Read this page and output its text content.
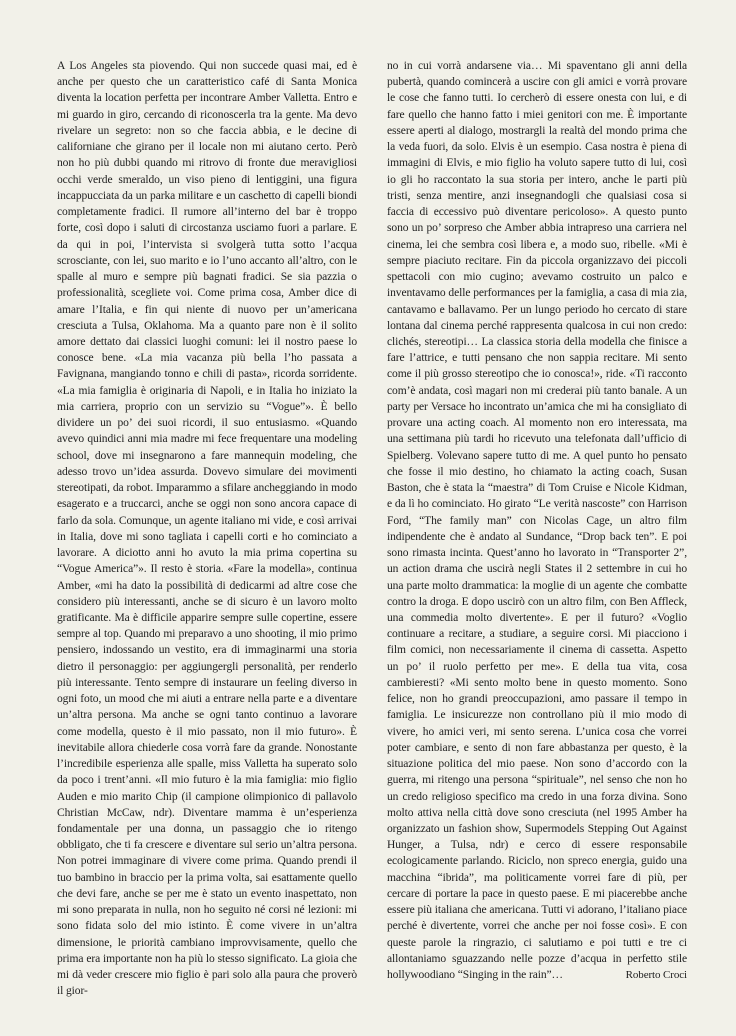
A Los Angeles sta piovendo. Qui non succede quasi mai, ed è anche per questo che un caratteristico café di Santa Monica diventa la location perfetta per incontrare Amber Valletta. Entro e mi guardo in giro, cercando di riconoscerla tra la gente. Ma devo rivelare un segreto: non so che faccia abbia, e le decine di californiane che girano per il locale non mi aiutano certo. Però non ho più dubbi quando mi ritrovo di fronte due meravigliosi occhi verde smeraldo, un viso pieno di lentiggini, una figura incappucciata da un parka militare e un caschetto di capelli biondi completamente fradici. Il rumore all’interno del bar è troppo forte, così dopo i saluti di circostanza usciamo fuori a parlare. E da qui in poi, l’intervista si svolgerà tutta sotto l’acqua scrosciante, con lei, suo marito e io l’uno accanto all’altro, con le spalle al muro e sempre più bagnati fradici. Se sia pazzia o professionalità, scegliete voi. Come prima cosa, Amber dice di amare l’Italia, e fin qui niente di nuovo per un’americana cresciuta a Tulsa, Oklahoma. Ma a quanto pare non è il solito amore dettato dai classici luoghi comuni: lei il nostro paese lo conosce bene. «La mia vacanza più bella l’ho passata a Favignana, mangiando tonno e chili di pasta», ricorda sorridente. «La mia famiglia è originaria di Napoli, e in Italia ho iniziato la mia carriera, proprio con un servizio su “Vogue”». È bello dividere un po’ dei suoi ricordi, il suo entusiasmo. «Quando avevo quindici anni mia madre mi fece frequentare una modeling school, dove mi insegnarono a fare mannequin modeling, che adesso trovo un’idea assurda. Dovevo simulare dei movimenti stereotipati, da robot. Imparammo a sfilare ancheggiando in modo esagerato e a truccarci, anche se oggi non sono ancora capace di farlo da sola. Comunque, un agente italiano mi vide, e così arrivai in Italia, dove mi sono tagliata i capelli corti e ho cominciato a lavorare. A diciotto anni ho avuto la mia prima copertina su “Vogue America”». Il resto è storia. «Fare la modella», continua Amber, «mi ha dato la possibilità di dedicarmi ad altre cose che considero più interessanti, anche se di sicuro è un lavoro molto gratificante. Ma è difficile apparire sempre sulle copertine, essere sempre al top. Quando mi preparavo a uno shooting, il mio primo pensiero, indossando un vestito, era di immaginarmi una storia dietro il personaggio: per aggiungergli personalità, per renderlo più interessante. Tento sempre di instaurare un feeling diverso in ogni foto, un mood che mi aiuti a entrare nella parte e a diventare un’altra persona. Ma anche se ogni tanto continuo a lavorare come modella, questo è il mio passato, non il mio futuro». È inevitabile allora chiederle cosa vorrà fare da grande. Nonostante l’incredibile esperienza alle spalle, miss Valletta ha superato solo da poco i trent’anni. «Il mio futuro è la mia famiglia: mio figlio Auden e mio marito Chip (il campione olimpionico di pallavolo Christian McCaw, ndr). Diventare mamma è un’esperienza fondamentale per una donna, un passaggio che io ritengo obbligato, che ti fa crescere e diventare sul serio un’altra persona. Non potrei immaginare di vivere come prima. Quando prendi il tuo bambino in braccio per la prima volta, sai esattamente quello che devi fare, anche se per me è stato un evento inaspettato, non mi sono preparata in nulla, non ho seguito né corsi né lezioni: mi sono fidata solo del mio istinto. È come vivere in un’altra dimensione, le priorità cambiano improvvisamente, quello che prima era importante non ha più lo stesso significato. La gioia che mi dà veder crescere mio figlio è pari solo alla paura che proverò il gior-

no in cui vorrà andarsene via… Mi spaventano gli anni della pubertà, quando comincerà a uscire con gli amici e vorrà provare le cose che fanno tutti. Io cercherò di essere onesta con lui, e di fare quello che hanno fatto i miei genitori con me. È importante essere aperti al dialogo, mostrargli la realtà del mondo prima che la veda fuori, da solo. Elvis è un esempio. Casa nostra è piena di immagini di Elvis, e mio figlio ha voluto sapere tutto di lui, così io gli ho raccontato la sua storia per intero, anche le parti più tristi, senza mentire, anzi insegnandogli che qualsiasi cosa si faccia di eccessivo può diventare pericoloso». A questo punto sono un po’ sorpreso che Amber abbia intrapreso una carriera nel cinema, lei che sembra così libera e, a modo suo, ribelle. «Mi è sempre piaciuto recitare. Fin da piccola organizzavo dei piccoli spettacoli con mio cugino; avevamo costruito un palco e inventavamo delle performances per la famiglia, a casa di mia zia, cantavamo e ballavamo. Per un lungo periodo ho cercato di stare lontana dal cinema perché rappresenta qualcosa in cui non credo: clichés, stereotipi… La classica storia della modella che finisce a fare l’attrice, e tutti pensano che non sappia recitare. Mi sento come il più grosso stereotipo che io conosca!», ride. «Ti racconto com’è andata, così magari non mi crederai più tanto banale. A un party per Versace ho incontrato un’amica che mi ha consigliato di provare una acting coach. Al momento non ero interessata, ma una settimana più tardi ho ricevuto una telefonata dall’ufficio di Spielberg. Volevano sapere tutto di me. A quel punto ho pensato che fosse il mio destino, ho chiamato la acting coach, Susan Baston, che è stata la “maestra” di Tom Cruise e Nicole Kidman, e da lì ho cominciato. Ho girato “Le verità nascoste” con Harrison Ford, “The family man” con Nicolas Cage, un altro film indipendente che è andato al Sundance, “Drop back ten”. E poi sono rimasta incinta. Quest’anno ho lavorato in “Transporter 2”, un action drama che uscirà negli States il 2 settembre in cui ho una parte molto drammatica: la moglie di un agente che combatte contro la droga. E dopo uscirò con un altro film, con Ben Affleck, una commedia molto divertente». E per il futuro? «Voglio continuare a recitare, a studiare, a seguire corsi. Mi piacciono i film comici, non necessariamente il cinema di cassetta. Aspetto un po’ il ruolo perfetto per me». E della tua vita, cosa cambieresti? «Mi sento molto bene in questo momento. Sono felice, non ho grandi preoccupazioni, amo passare il tempo in famiglia. Le insicurezze non controllano più il mio modo di vivere, ho amici veri, mi sento serena. L’unica cosa che vorrei poter cambiare, e sento di non fare abbastanza per questo, è la situazione politica del mio paese. Non sono d’accordo con la guerra, mi ritengo una persona “spirituale”, nel senso che non ho un credo religioso specifico ma credo in una forza divina. Sono molto attiva nella città dove sono cresciuta (nel 1995 Amber ha organizzato un fashion show, Supermodels Stepping Out Against Hunger, a Tulsa, ndr) e cerco di essere responsabile ecologicamente parlando. Riciclo, non spreco energia, guido una macchina “ibrida”, ma politicamente vorrei fare di più, per cercare di portare la pace in questo paese. E mi piacerebbe anche essere più italiana che americana. Tutti vi adorano, l’italiano piace perché è divertente, vorrei che anche per noi fosse così». E con queste parole la ringrazio, ci salutiamo e poi tutti e tre ci allontaniamo sguazzando nelle pozze d’acqua in perfetto stile hollywoodiano “Singing in the rain”…	Roberto Croci
